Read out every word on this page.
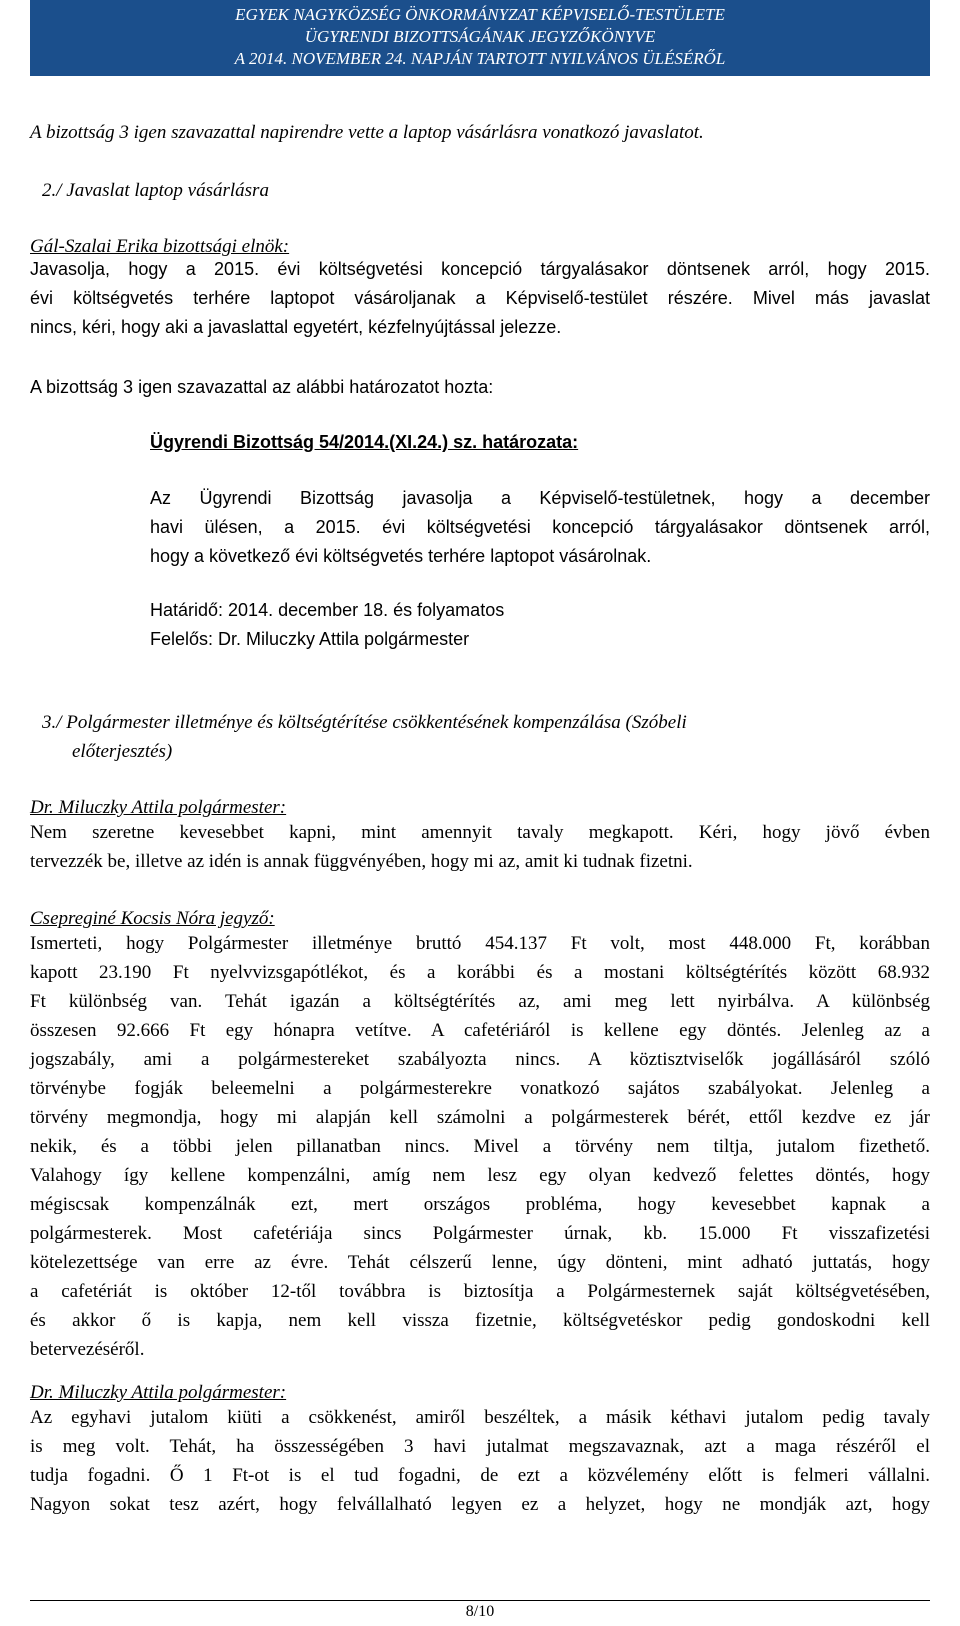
EGYEK NAGYKÖZSÉG ÖNKORMÁNYZAT KÉPVISELŐ-TESTÜLETE
ÜGYRENDI BIZOTTSÁGÁNAK JEGYZŐKÖNYVE
A 2014. NOVEMBER 24. NAPJÁN TARTOTT NYILVÁNOS ÜLÉSÉRŐL
A bizottság 3 igen szavazattal napirendre vette a laptop vásárlásra vonatkozó javaslatot.
2./ Javaslat laptop vásárlásra
Gál-Szalai Erika bizottsági elnök:
Javasolja, hogy a 2015. évi költségvetési koncepció tárgyalásakor döntsenek arról, hogy 2015.
évi költségvetés terhére laptopot vásároljanak a Képviselő-testület részére. Mivel más javaslat
nincs, kéri, hogy aki a javaslattal egyetért, kézfelnyújtással jelezze.
A bizottság 3 igen szavazattal az alábbi határozatot hozta:
Ügyrendi Bizottság 54/2014.(XI.24.) sz. határozata:
Az Ügyrendi Bizottság javasolja a Képviselő-testületnek, hogy a december
havi ülésen, a 2015. évi költségvetési koncepció tárgyalásakor döntsenek arról,
hogy a következő évi költségvetés terhére laptopot vásárolnak.
Határidő: 2014. december 18. és folyamatos
Felelős: Dr. Miluczky Attila polgármester
3./ Polgármester illetménye és költségtérítése csökkentésének kompenzálása (Szóbeli
előterjesztés)
Dr. Miluczky Attila polgármester:
Nem szeretne kevesebbet kapni, mint amennyit tavaly megkapott. Kéri, hogy jövő évben
tervezzék be, illetve az idén is annak függvényében, hogy mi az, amit ki tudnak fizetni.
Csepreginé Kocsis Nóra jegyző:
Ismerteti, hogy Polgármester illetménye bruttó 454.137 Ft volt, most 448.000 Ft, korábban
kapott 23.190 Ft nyelvvizsgapótlékot, és a korábbi és a mostani költségtérítés között 68.932
Ft különbség van. Tehát igazán a költségtérítés az, ami meg lett nyirbálva. A különbség
összesen 92.666 Ft egy hónapra vetítve. A cafetériáról is kellene egy döntés. Jelenleg az a
jogszabály, ami a polgármestereket szabályozta nincs. A köztisztviselők jogállásáról szóló
törvénybe fogják beleemelni a polgármesterekre vonatkozó sajátos szabályokat. Jelenleg a
törvény megmondja, hogy mi alapján kell számolni a polgármesterek bérét, ettől kezdve ez jár
nekik, és a többi jelen pillanatban nincs. Mivel a törvény nem tiltja, jutalom fizethető.
Valahogy így kellene kompenzálni, amíg nem lesz egy olyan kedvező felettes döntés, hogy
mégiscsak kompenzálnák ezt, mert országos probléma, hogy kevesebbet kapnak a
polgármesterek. Most cafetériája sincs Polgármester úrnak, kb. 15.000 Ft visszafizetési
kötelezettsége van erre az évre. Tehát célszerű lenne, úgy dönteni, mint adható juttatás, hogy
a cafetériát is október 12-től továbbra is biztosítja a Polgármesternek saját költségvetésében,
és akkor ő is kapja, nem kell vissza fizetnie, költségvetéskor pedig gondoskodni kell
betervezéséről.
Dr. Miluczky Attila polgármester:
Az egyhavi jutalom kiüti a csökkenést, amiről beszéltek, a másik kéthavi jutalom pedig tavaly
is meg volt. Tehát, ha összességében 3 havi jutalmat megszavaznak, azt a maga részéről el
tudja fogadni. Ő 1 Ft-ot is el tud fogadni, de ezt a közvélemény előtt is felmeri vállalni.
Nagyon sokat tesz azért, hogy felvállalható legyen ez a helyzet, hogy ne mondják azt, hogy
8/10
